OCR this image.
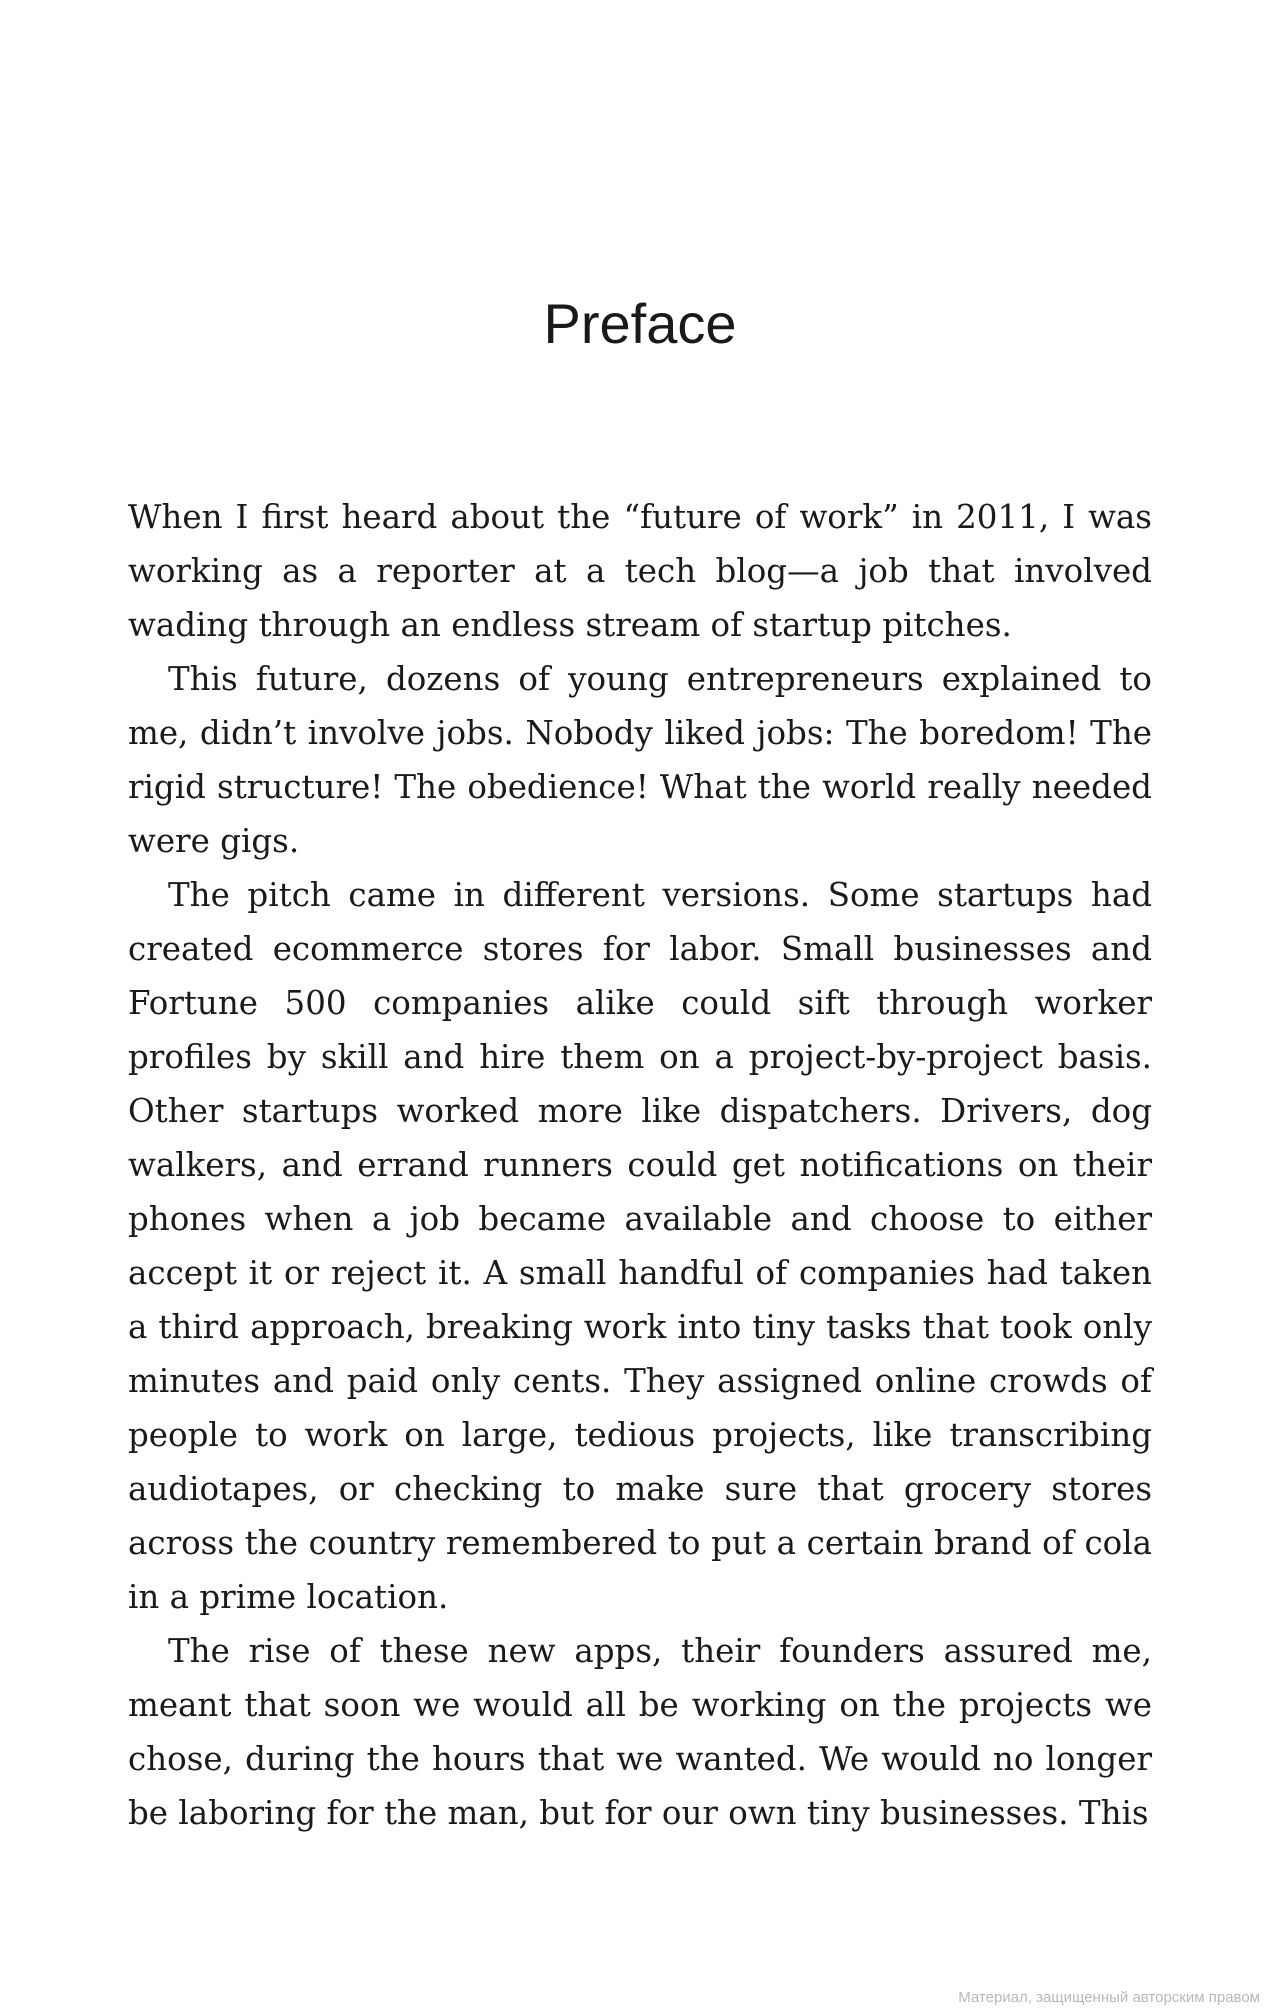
Preface

When I first heard about the “future of work” in 2011, I was working as a reporter at a tech blog—a job that involved wading through an endless stream of startup pitches.

This future, dozens of young entrepreneurs explained to me, didn’t involve jobs. Nobody liked jobs: The boredom! The rigid structure! The obedience! What the world really needed were gigs.

The pitch came in different versions. Some startups had created ecommerce stores for labor. Small businesses and Fortune 500 companies alike could sift through worker profiles by skill and hire them on a project-by-project basis. Other startups worked more like dispatchers. Drivers, dog walkers, and errand runners could get notifications on their phones when a job became available and choose to either accept it or reject it. A small handful of companies had taken a third approach, breaking work into tiny tasks that took only minutes and paid only cents. They assigned online crowds of people to work on large, tedious projects, like transcribing audiotapes, or checking to make sure that grocery stores across the country remembered to put a certain brand of cola in a prime location.

The rise of these new apps, their founders assured me, meant that soon we would all be working on the projects we chose, during the hours that we wanted. We would no longer be laboring for the man, but for our own tiny businesses. This

Материал, защищенный авторским правом
